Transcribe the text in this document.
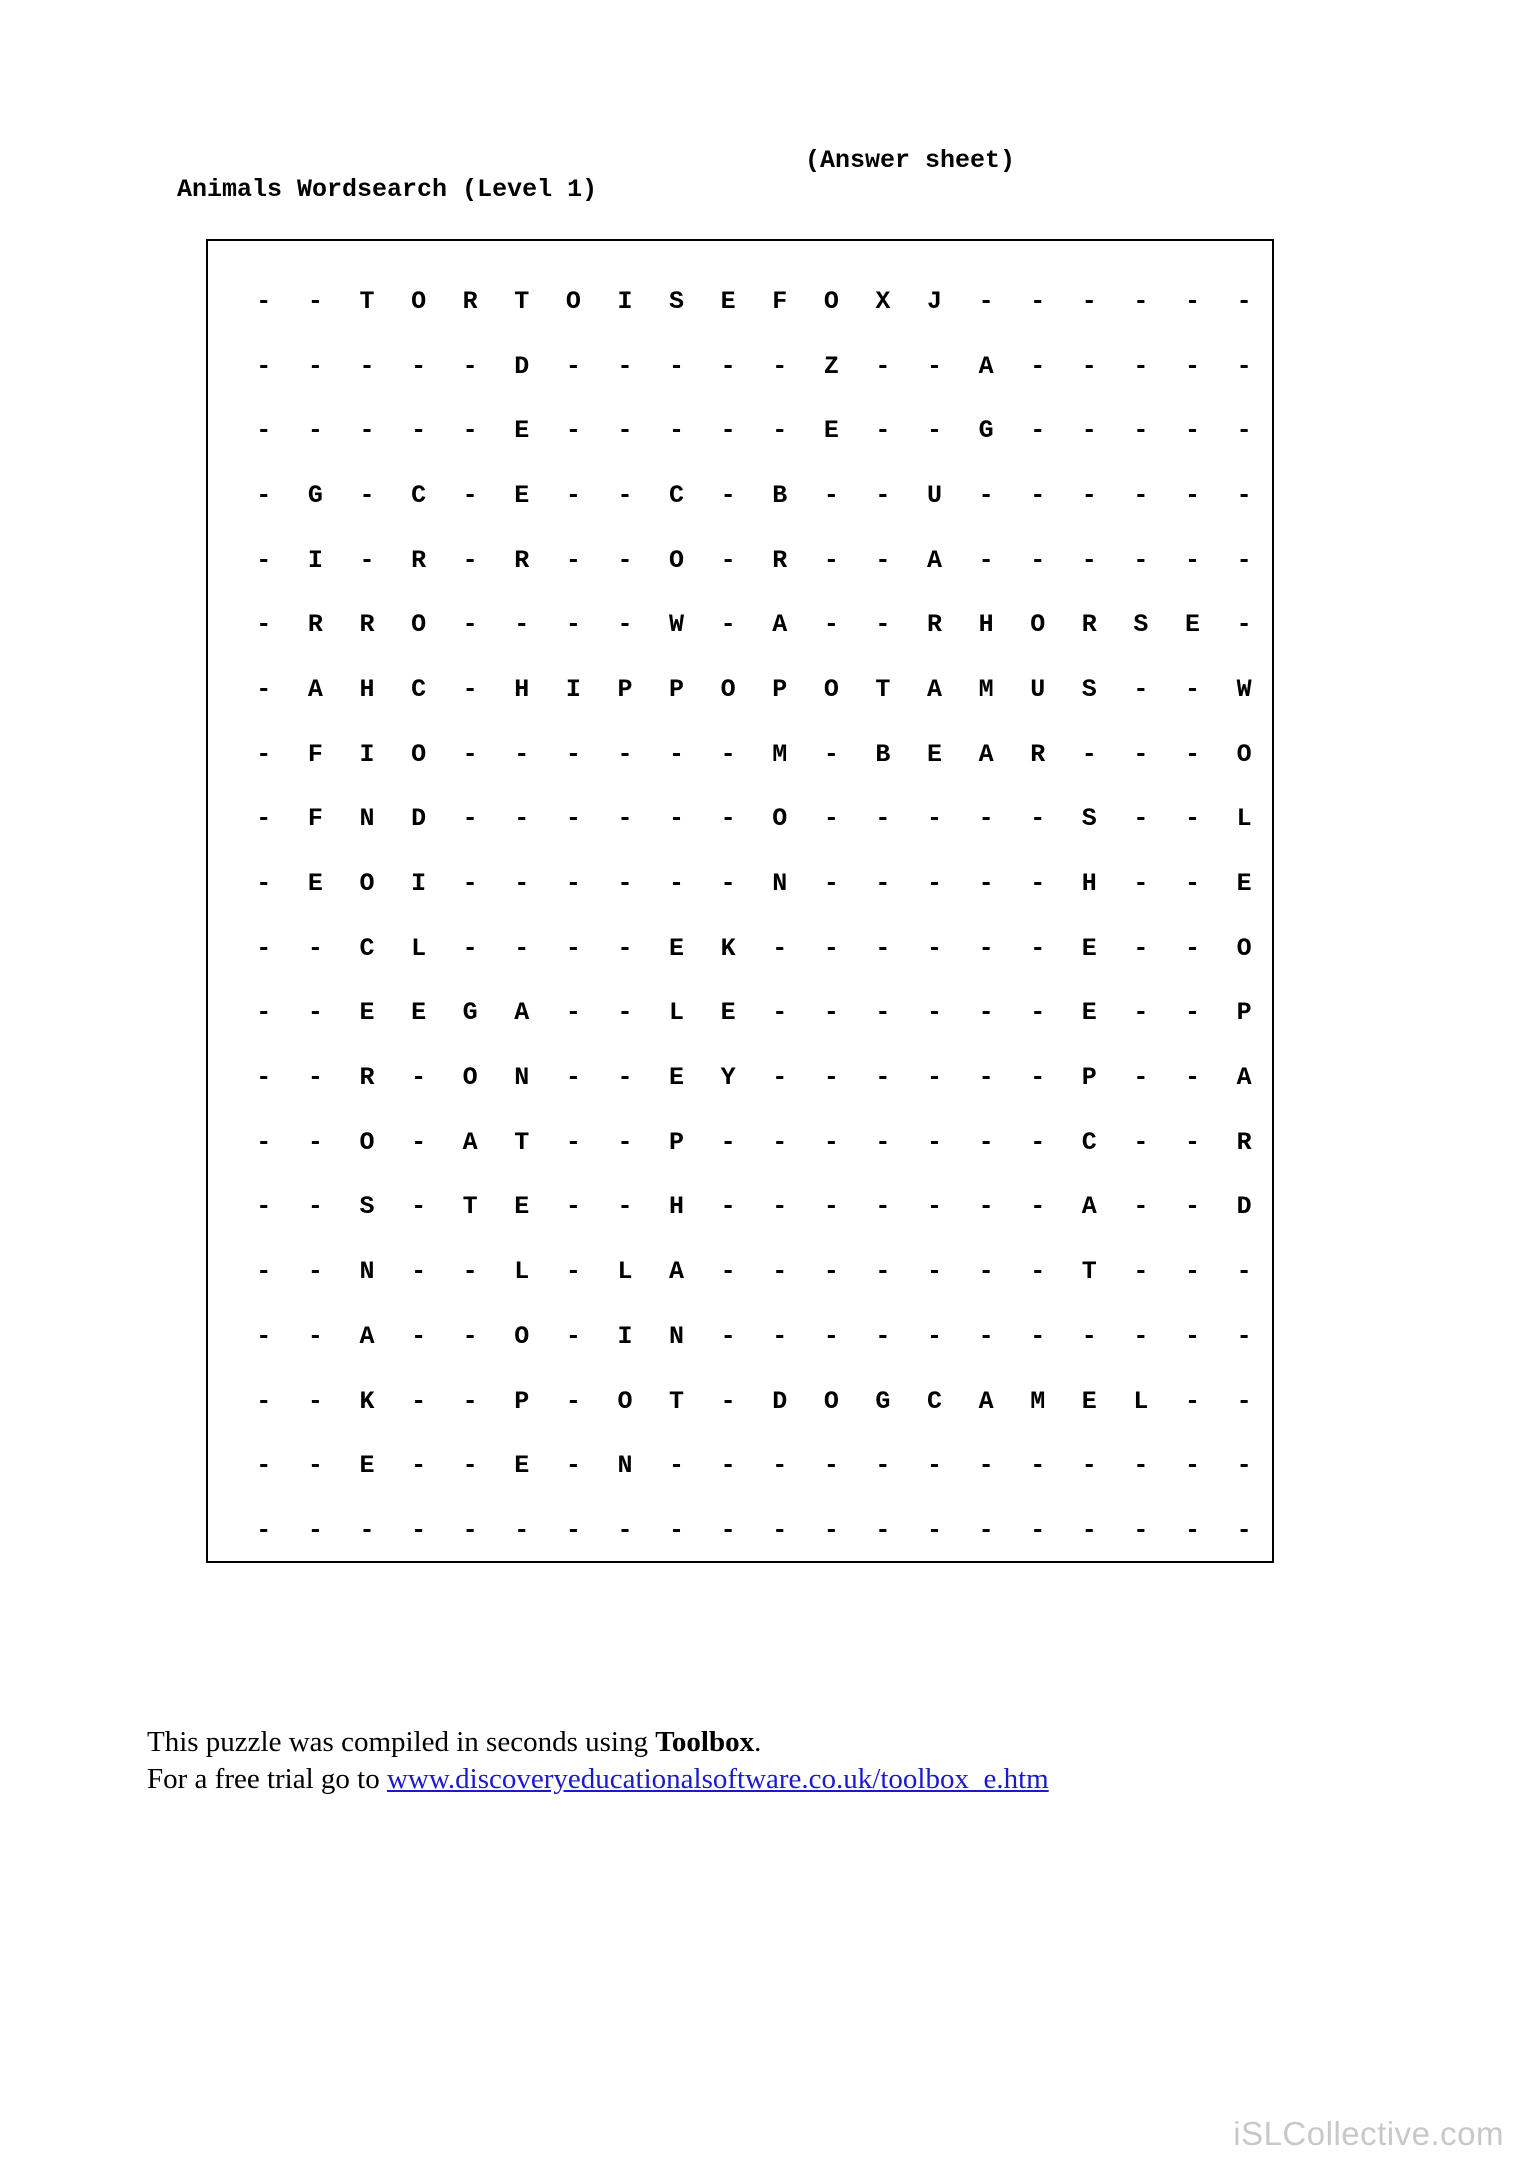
Animals Wordsearch (Level 1)

(Answer sheet)

-	-	T	O	R	T	O	I	S	E	F	O	X	J	-	-	-	-	-	-
-	-	-	-	-	D	-	-	-	-	-	Z	-	-	A	-	-	-	-	-
-	-	-	-	-	E	-	-	-	-	-	E	-	-	G	-	-	-	-	-
-	G	-	C	-	E	-	-	C	-	B	-	-	U	-	-	-	-	-	-
-	I	-	R	-	R	-	-	O	-	R	-	-	A	-	-	-	-	-	-
-	R	R	O	-	-	-	-	W	-	A	-	-	R	H	O	R	S	E	-
-	A	H	C	-	H	I	P	P	O	P	O	T	A	M	U	S	-	-	W
-	F	I	O	-	-	-	-	-	-	M	-	B	E	A	R	-	-	-	O
-	F	N	D	-	-	-	-	-	-	O	-	-	-	-	-	S	-	-	L
-	E	O	I	-	-	-	-	-	-	N	-	-	-	-	-	H	-	-	E
-	-	C	L	-	-	-	-	E	K	-	-	-	-	-	-	E	-	-	O
-	-	E	E	G	A	-	-	L	E	-	-	-	-	-	-	E	-	-	P
-	-	R	-	O	N	-	-	E	Y	-	-	-	-	-	-	P	-	-	A
-	-	O	-	A	T	-	-	P	-	-	-	-	-	-	-	C	-	-	R
-	-	S	-	T	E	-	-	H	-	-	-	-	-	-	-	A	-	-	D
-	-	N	-	-	L	-	L	A	-	-	-	-	-	-	-	T	-	-	-
-	-	A	-	-	O	-	I	N	-	-	-	-	-	-	-	-	-	-	-
-	-	K	-	-	P	-	O	T	-	D	O	G	C	A	M	E	L	-	-
-	-	E	-	-	E	-	N	-	-	-	-	-	-	-	-	-	-	-	-
-	-	-	-	-	-	-	-	-	-	-	-	-	-	-	-	-	-	-	-
This puzzle was compiled in seconds using Toolbox.
For a free trial go to www.discoveryeducationalsoftware.co.uk/toolbox_e.htm
iSLCollective.com
